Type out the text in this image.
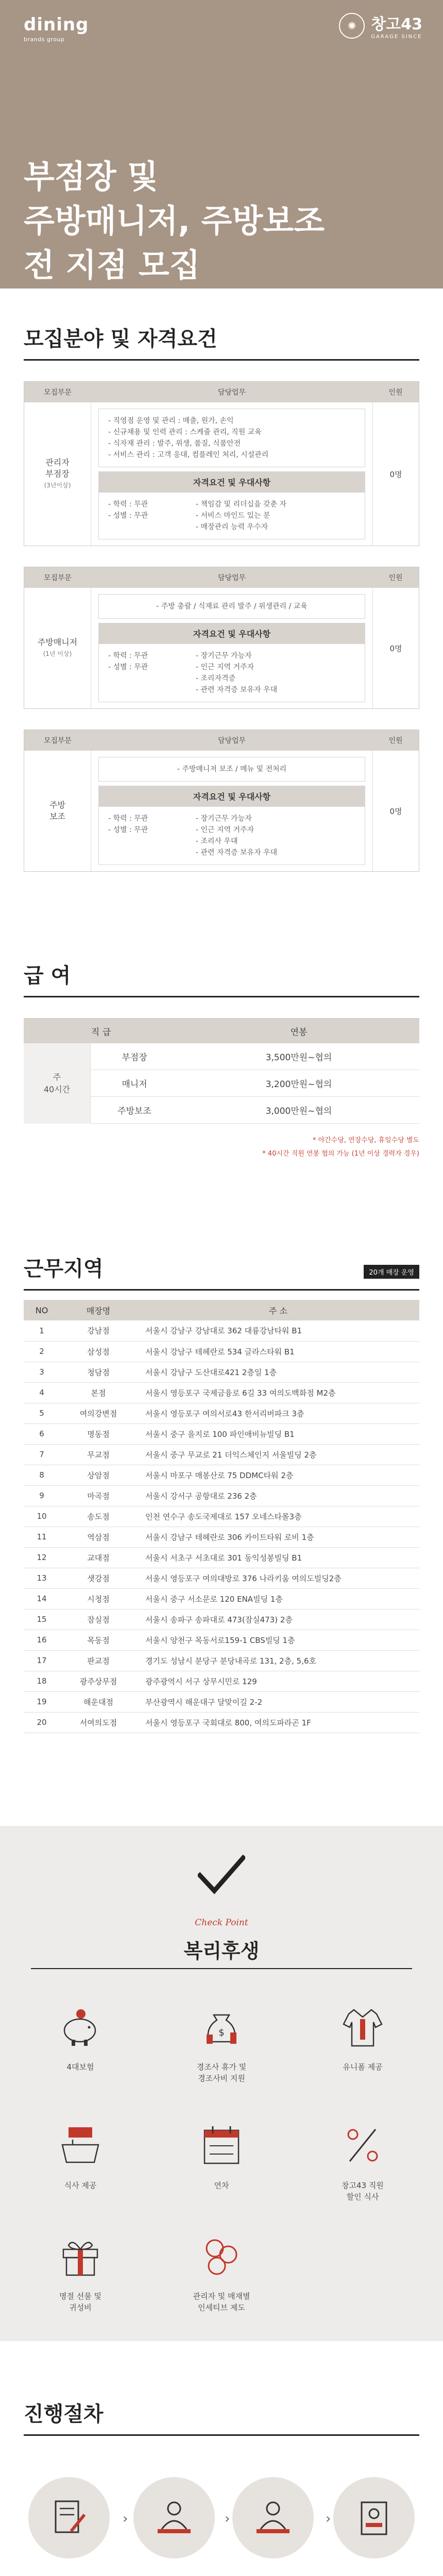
dining
brands group
✺ 창고43
GARAGE SINCE
부점장 및
주방매니저, 주방보조
전 지점 모집
모집분야 및 자격요건
모집부문	담당업무	인원
관리자
부점장
(3년이상)
- 직영점 운영 및 관리 : 매출, 원가, 손익
- 신규채용 및 인력 관리 : 스케쥴 관리, 직원 교육
- 식자재 관리 : 발주, 위생, 품질, 식품안전
- 서비스 관리 : 고객 응대, 컴플레인 처리, 시설관리
자격요건 및 우대사항
- 학력 : 무관
- 성별 : 무관
- 책임감 및 리더십을 갖춘 자
- 서비스 마인드 있는 분
- 매장관리 능력 우수자
0명
모집부문	담당업무	인원
주방매니저
(1년 이상)
- 주방 총괄 / 식재료 관리 발주 / 위생관리 / 교육
자격요건 및 우대사항
- 학력 : 무관
- 성별 : 무관
- 장기근무 가능자
- 인근 지역 거주자
- 조리자격증
- 관련 자격증 보유자 우대
0명
모집부문	담당업무	인원
주방
보조
- 주방매니저 보조 / 메뉴 및 전처리
자격요건 및 우대사항
- 학력 : 무관
- 성별 : 무관
- 장기근무 가능자
- 인근 지역 거주자
- 조리사 우대
- 관련 자격증 보유자 우대
0명
급 여
직 급	연봉
주
40시간
부점장	3,500만원~협의
매니저	3,200만원~협의
주방보조	3,000만원~협의
* 야간수당, 연장수당, 휴일수당 별도
* 40시간 직원 연봉 협의 가능 (1년 이상 경력자 경우)
근무지역	20개 매장 운영
NO	매장명	주 소
1	강남점	서울시 강남구 강남대로 362 대륭강남타워 B1
2	삼성점	서울시 강남구 테헤란로 534 글라스타워 B1
3	청담점	서울시 강남구 도산대로421 2층일 1층
4	본점	서울시 영등포구 국제금융로 6길 33 여의도백화점 M2층
5	여의강변점	서울시 영등포구 여의서로43 한서리버파크 3층
6	명동점	서울시 중구 을지로 100 파인애비뉴빌딩 B1
7	무교점	서울시 중구 무교로 21 더익스체인지 서울빌딩 2층
8	상암점	서울시 마포구 매봉산로 75 DDMC타워 2층
9	마곡점	서울시 강서구 공항대로 236 2층
10	송도점	인천 연수구 송도국제대로 157 오네스타몰3층
11	역삼점	서울시 강남구 테헤란로 306 카이트타워 로비 1층
12	교대점	서울시 서초구 서초대로 301 동익성봉빌딩 B1
13	샛강점	서울시 영등포구 여의대방로 376 나라키움 여의도빌딩2층
14	시청점	서울시 중구 서소문로 120 ENA빌딩 1층
15	잠실점	서울시 송파구 송파대로 473(잠실473) 2층
16	목동점	서울시 양천구 목동서로159-1 CBS빌딩 1층
17	판교점	경기도 성남시 분당구 분당내곡로 131, 2층, 5,6호
18	광주상무점	광주광역시 서구 상무시민로 129
19	해운대점	부산광역시 해운대구 달맞이길 2-2
20	서여의도점	서울시 영등포구 국회대로 800, 여의도파라곤 1F
Check Point
복리후생
4대보험
$
경조사 휴가 및
경조사비 지원
유니폼 제공
식사 제공	연차	창고43 직원
할인 식사
명절 선물 및
귀성비
관리자 및 매재별
인세티브 제도
진행절차
›	›	›
